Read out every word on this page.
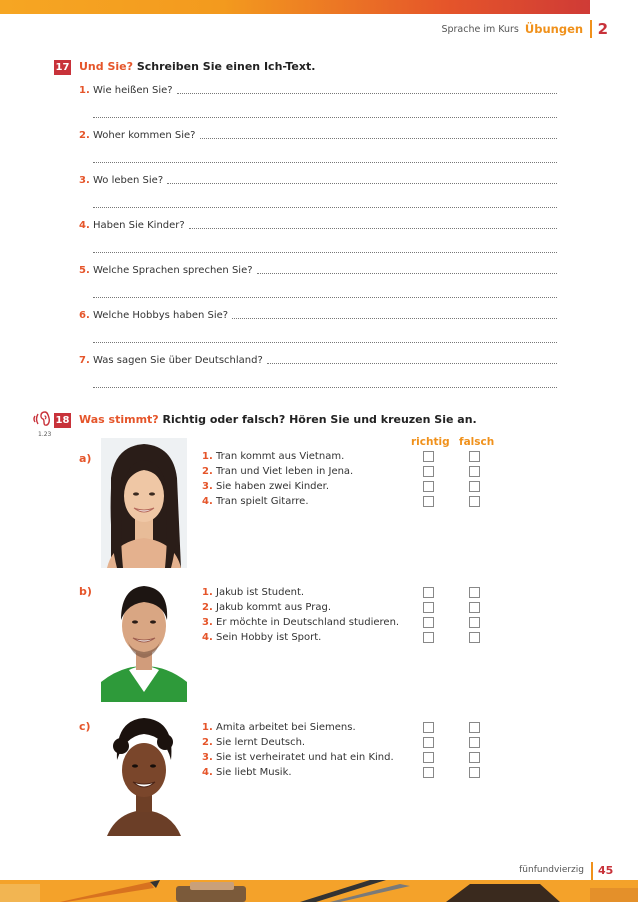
Sprache im Kurs Übungen 2
17 Und Sie? Schreiben Sie einen Ich-Text.
1. Wie heißen Sie?
2. Woher kommen Sie?
3. Wo leben Sie?
4. Haben Sie Kinder?
5. Welche Sprachen sprechen Sie?
6. Welche Hobbys haben Sie?
7. Was sagen Sie über Deutschland?
1.23
18 Was stimmt? Richtig oder falsch? Hören Sie und kreuzen Sie an.
richtig falsch
a)	1. Tran kommt aus Vietnam.
2. Tran und Viet leben in Jena.
3. Sie haben zwei Kinder.
4. Tran spielt Gitarre.
b)	1. Jakub ist Student.
2. Jakub kommt aus Prag.
3. Er möchte in Deutschland studieren.
4. Sein Hobby ist Sport.
c)	1. Amita arbeitet bei Siemens.
2. Sie lernt Deutsch.
3. Sie ist verheiratet und hat ein Kind.
4. Sie liebt Musik.
fünfundvierzig 45
